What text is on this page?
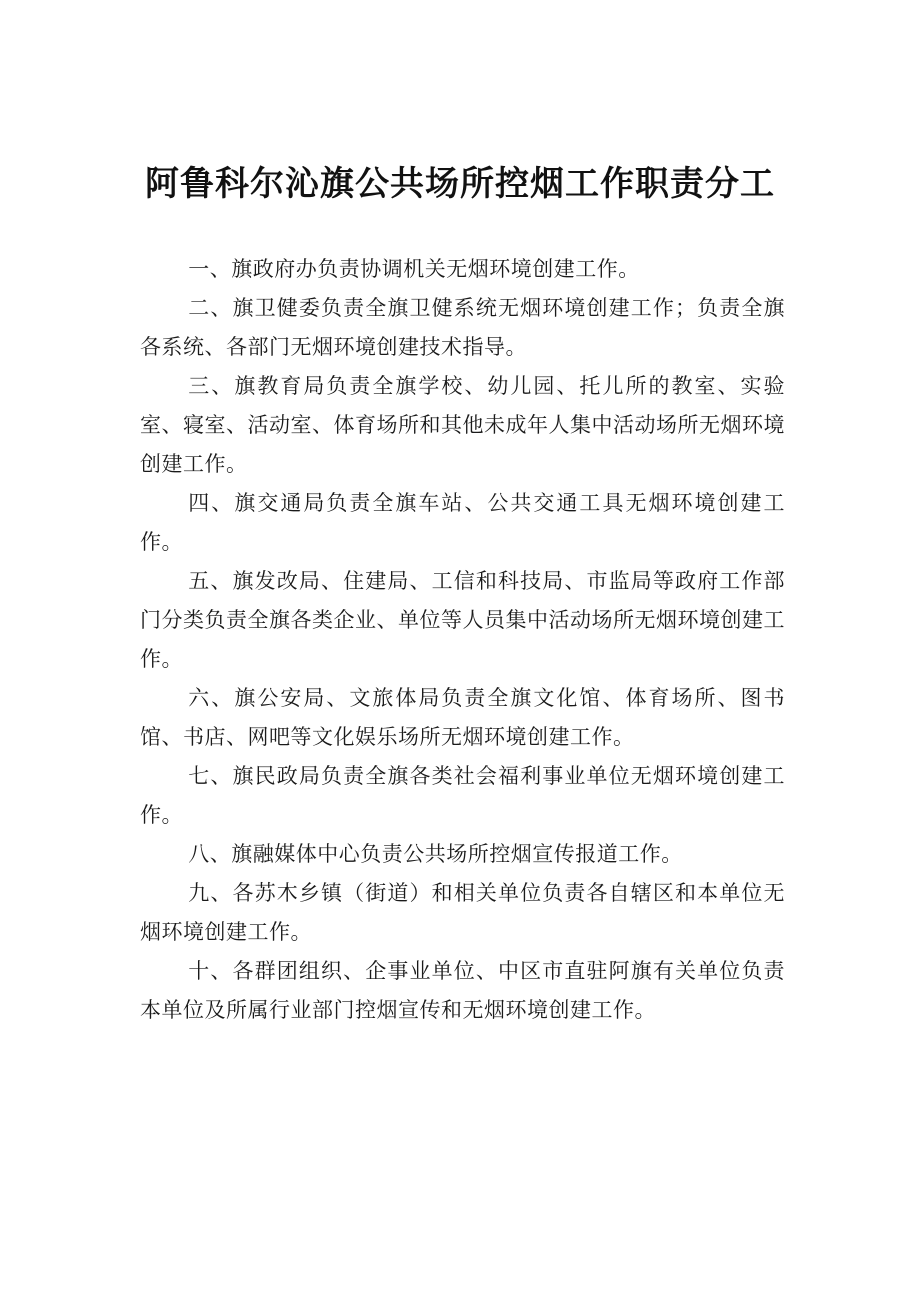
阿鲁科尔沁旗公共场所控烟工作职责分工

一、旗政府办负责协调机关无烟环境创建工作。

二、旗卫健委负责全旗卫健系统无烟环境创建工作；负责全旗各系统、各部门无烟环境创建技术指导。

三、旗教育局负责全旗学校、幼儿园、托儿所的教室、实验室、寝室、活动室、体育场所和其他未成年人集中活动场所无烟环境创建工作。

四、旗交通局负责全旗车站、公共交通工具无烟环境创建工作。

五、旗发改局、住建局、工信和科技局、市监局等政府工作部门分类负责全旗各类企业、单位等人员集中活动场所无烟环境创建工作。

六、旗公安局、文旅体局负责全旗文化馆、体育场所、图书馆、书店、网吧等文化娱乐场所无烟环境创建工作。

七、旗民政局负责全旗各类社会福利事业单位无烟环境创建工作。

八、旗融媒体中心负责公共场所控烟宣传报道工作。

九、各苏木乡镇（街道）和相关单位负责各自辖区和本单位无烟环境创建工作。

十、各群团组织、企事业单位、中区市直驻阿旗有关单位负责本单位及所属行业部门控烟宣传和无烟环境创建工作。
